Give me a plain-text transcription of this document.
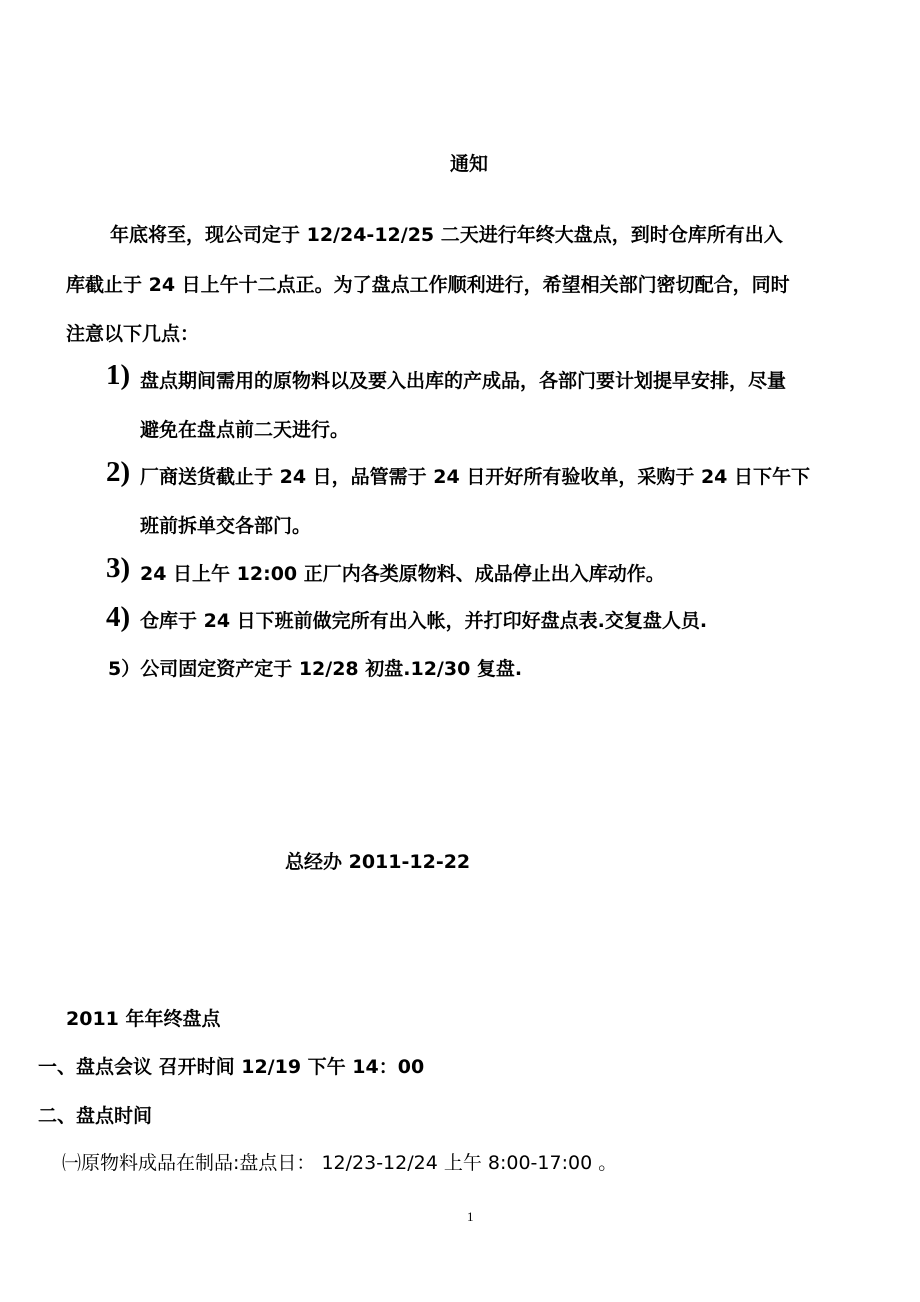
通知
年底将至，现公司定于 12/24-12/25 二天进行年终大盘点，到时仓库所有出入
库截止于 24 日上午十二点正。为了盘点工作顺利进行，希望相关部门密切配合，同时
注意以下几点：
1) 盘点期间需用的原物料以及要入出库的产成品，各部门要计划提早安排，尽量
避免在盘点前二天进行。
2) 厂商送货截止于 24 日，品管需于 24 日开好所有验收单，采购于 24 日下午下
班前拆单交各部门。
3) 24 日上午 12:00 正厂内各类原物料、成品停止出入库动作。
4) 仓库于 24 日下班前做完所有出入帐，并打印好盘点表.交复盘人员.
5）公司固定资产定于 12/28 初盘.12/30 复盘.
总经办 2011-12-22
2011 年年终盘点
一、盘点会议 召开时间 12/19 下午 14：00
二、盘点时间
㈠原物料成品在制品:盘点日： 12/23-12/24 上午 8:00-17:00 。
1
